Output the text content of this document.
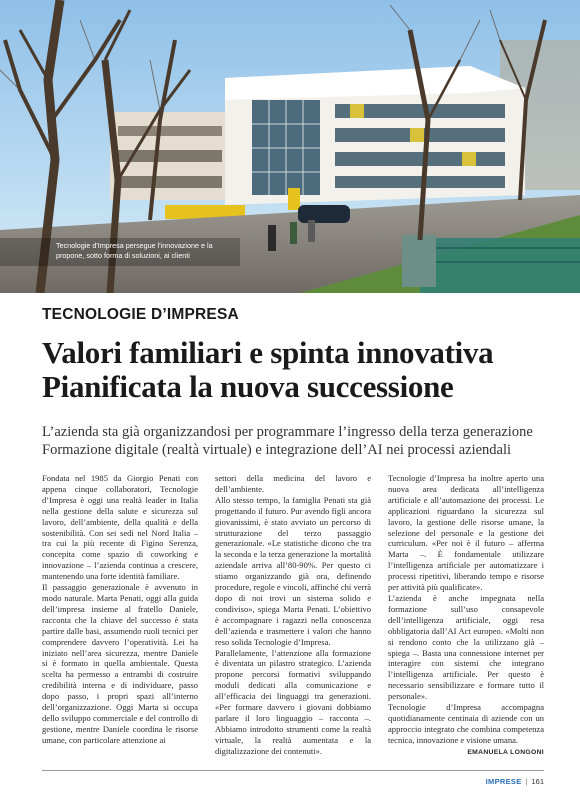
Tecnologie d'Impresa persegue l'innovazione e la propone, sotto forma di soluzioni, ai clienti
TECNOLOGIE D’IMPRESA
Valori familiari e spinta innovativa
Pianificata la nuova successione
L’azienda sta già organizzandosi per programmare l’ingresso della terza generazione
Formazione digitale (realtà virtuale) e integrazione dell’AI nei processi aziendali

Fondata nel 1985 da Giorgio Penati con appena cinque collaboratori, Tecnologie d’Impresa è oggi una realtà leader in Italia nella gestione della salute e sicurezza sul lavoro, dell’ambiente, della qualità e della sostenibilità. Con sei sedi nel Nord Italia – tra cui la più recente di Figino Serenza, concepita come spazio di coworking e innovazione – l’azienda continua a crescere, mantenendo una forte identità familiare.

Il passaggio generazionale è avvenuto in modo naturale. Marta Penati, oggi alla guida dell’impresa insieme al fratello Daniele, racconta che la chiave del successo è stata partire dalle basi, assumendo ruoli tecnici per comprendere davvero l’operatività. Lei ha iniziato nell’area sicurezza, mentre Daniele si è formato in quella ambientale. Questa scelta ha permesso a entrambi di costruire credibilità interna e di individuare, passo dopo passo, i propri spazi all’interno dell’organizzazione. Oggi Marta si occupa dello sviluppo commerciale e del controllo di gestione, mentre Daniele coordina le risorse umane, con particolare attenzione ai

settori della medicina del lavoro e dell’ambiente.

Allo stesso tempo, la famiglia Penati sta già progettando il futuro. Pur avendo figli ancora giovanissimi, è stato avviato un percorso di strutturazione del terzo passaggio generazionale. «Le statistiche dicono che tra la seconda e la terza generazione la mortalità aziendale arriva all’80-90%. Per questo ci stiamo organizzando già ora, definendo procedure, regole e vincoli, affinché chi verrà dopo di noi trovi un sistema solido e condiviso», spiega Marta Penati. L’obiettivo è accompagnare i ragazzi nella conoscenza dell’azienda e trasmettere i valori che hanno reso solida Tecnologie d’Impresa.

Parallelamente, l’attenzione alla formazione è diventata un pilastro strategico. L’azienda propone percorsi formativi sviluppando moduli dedicati alla comunicazione e all’efficacia dei linguaggi tra generazioni. «Per formare davvero i giovani dobbiamo parlare il loro linguaggio – racconta –. Abbiamo introdotto strumenti come la realtà virtuale, la realtà aumentata e la digitalizzazione dei contenuti».

Tecnologie d’Impresa ha inoltre aperto una nuova area dedicata all’intelligenza artificiale e all’automazione dei processi. Le applicazioni riguardano la sicurezza sul lavoro, la gestione delle risorse umane, la selezione del personale e la gestione dei curriculum. «Per noi è il futuro – afferma Marta –. È fondamentale utilizzare l’intelligenza artificiale per automatizzare i processi ripetitivi, liberando tempo e risorse per attività più qualificate».

L’azienda è anche impegnata nella formazione sull’uso consapevole dell’intelligenza artificiale, oggi resa obbligatoria dall’AI Act europeo. «Molti non si rendono conto che la utilizzano già – spiega –. Basta una connessione internet per interagire con sistemi che integrano l’intelligenza artificiale. Per questo è necessario sensibilizzare e formare tutto il personale».

Tecnologie d’Impresa accompagna quotidianamente centinaia di aziende con un approccio integrato che combina competenza tecnica, innovazione e visione umana.

EMANUELA LONGONI
IMPRESE | 161
